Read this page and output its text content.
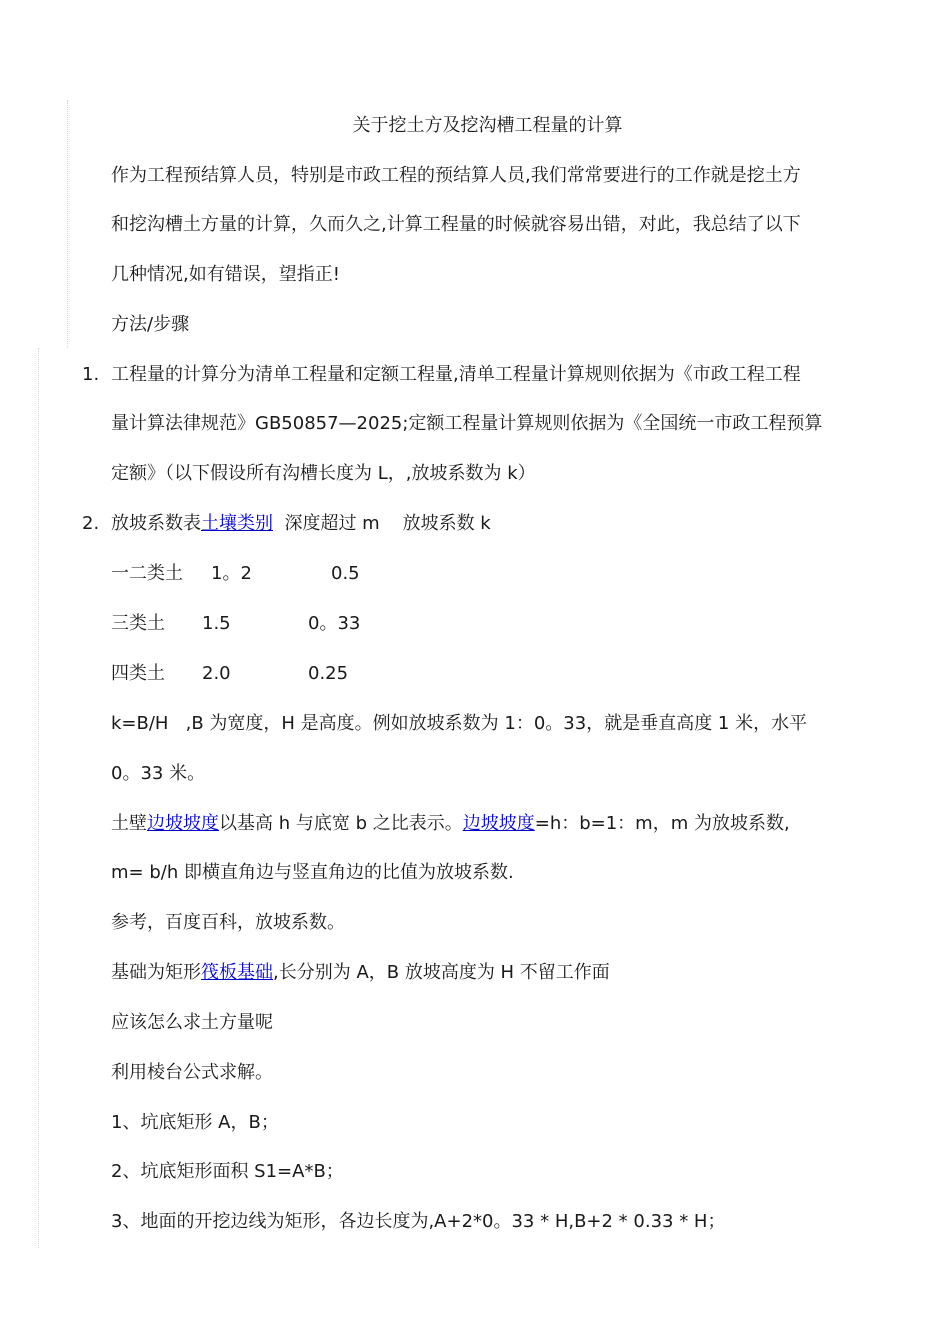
关于挖土方及挖沟槽工程量的计算
作为工程预结算人员，特别是市政工程的预结算人员,我们常常要进行的工作就是挖土方
和挖沟槽土方量的计算，久而久之,计算工程量的时候就容易出错，对此，我总结了以下
几种情况,如有错误，望指正!
方法/步骤
1. 工程量的计算分为清单工程量和定额工程量,清单工程量计算规则依据为《市政工程工程
量计算法律规范》GB50857—2025;定额工程量计算规则依据为《全国统一市政工程预算
定额》（以下假设所有沟槽长度为 L，,放坡系数为 k）
2. 放坡系数表土壤类别  深度超过 m    放坡系数 k
一二类土 1。2	0.5
三类土 1.5	0。33
四类土 2.0	0.25
k=B/H   ,B 为宽度，H 是高度。例如放坡系数为 1：0。33，就是垂直高度 1 米，水平
0。33 米。
土壁边坡坡度以基高 h 与底宽 b 之比表示。边坡坡度=h：b=1：m，m 为放坡系数,
m= b/h 即横直角边与竖直角边的比值为放坡系数.
参考，百度百科，放坡系数。
基础为矩形筏板基础,长分别为 A，B 放坡高度为 H 不留工作面
应该怎么求土方量呢
利用棱台公式求解。
1、坑底矩形 A，B；
2、坑底矩形面积 S1=A*B；
3、地面的开挖边线为矩形，各边长度为,A+2*0。33 * H,B+2 * 0.33 * H；
